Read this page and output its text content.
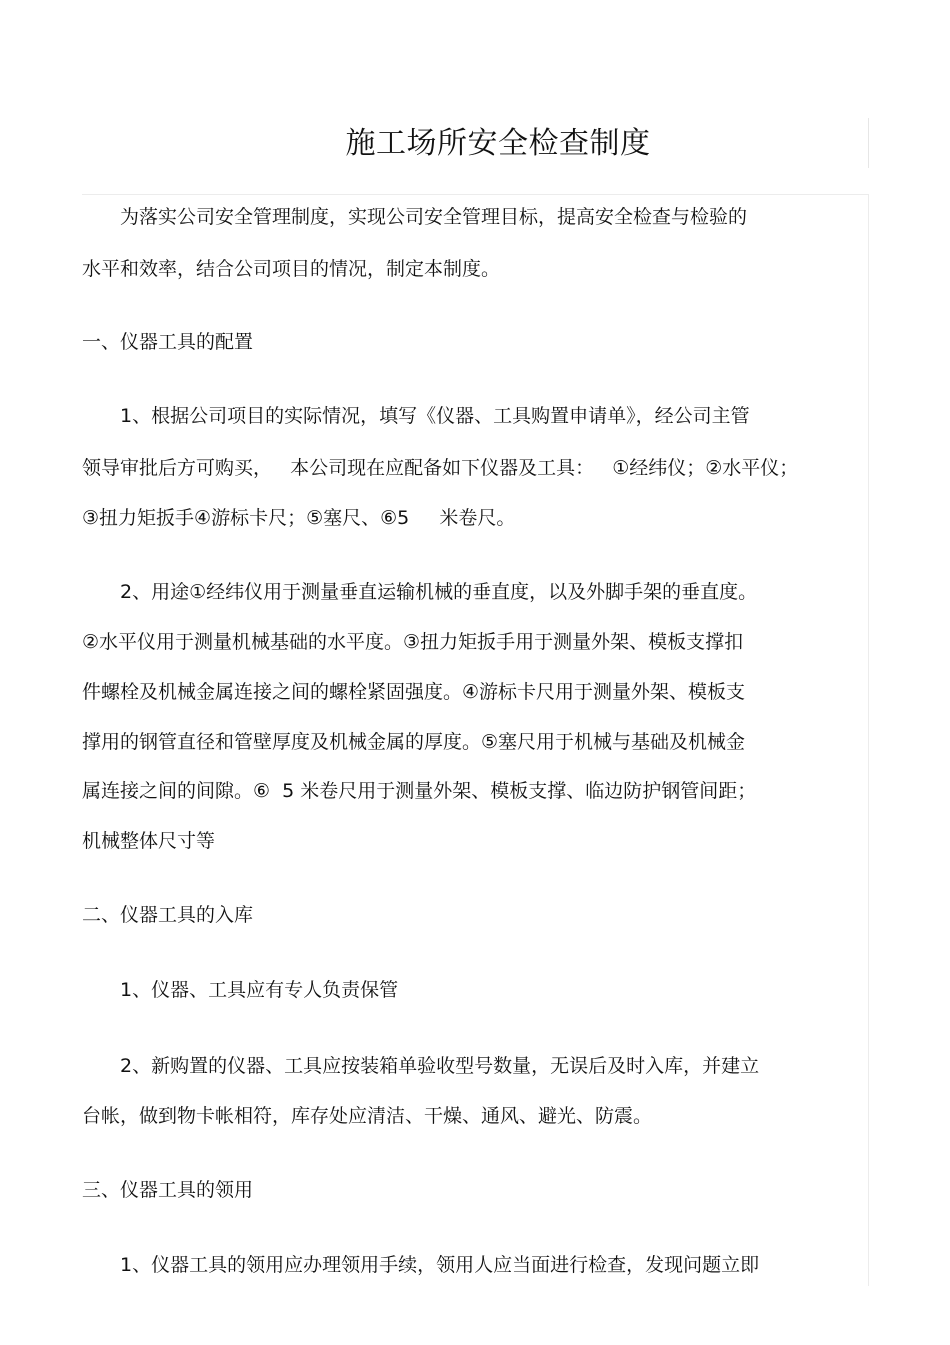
施工场所安全检查制度
为落实公司安全管理制度，实现公司安全管理目标，提高安全检查与检验的
水平和效率，结合公司项目的情况，制定本制度。
一、仪器工具的配置
1、根据公司项目的实际情况，填写《仪器、工具购置申请单》，经公司主管
领导审批后方可购买，   本公司现在应配备如下仪器及工具：   ①经纬仪；②水平仪；
③扭力矩扳手④游标卡尺；⑤塞尺、⑥5     米卷尺。
2、用途①经纬仪用于测量垂直运输机械的垂直度，以及外脚手架的垂直度。
②水平仪用于测量机械基础的水平度。③扭力矩扳手用于测量外架、模板支撑扣
件螺栓及机械金属连接之间的螺栓紧固强度。④游标卡尺用于测量外架、模板支
撑用的钢管直径和管壁厚度及机械金属的厚度。⑤塞尺用于机械与基础及机械金
属连接之间的间隙。⑥  5 米卷尺用于测量外架、模板支撑、临边防护钢管间距；
机械整体尺寸等
二、仪器工具的入库
1、仪器、工具应有专人负责保管
2、新购置的仪器、工具应按装箱单验收型号数量，无误后及时入库，并建立
台帐，做到物卡帐相符，库存处应清洁、干燥、通风、避光、防震。
三、仪器工具的领用
1、仪器工具的领用应办理领用手续，领用人应当面进行检查，发现问题立即
